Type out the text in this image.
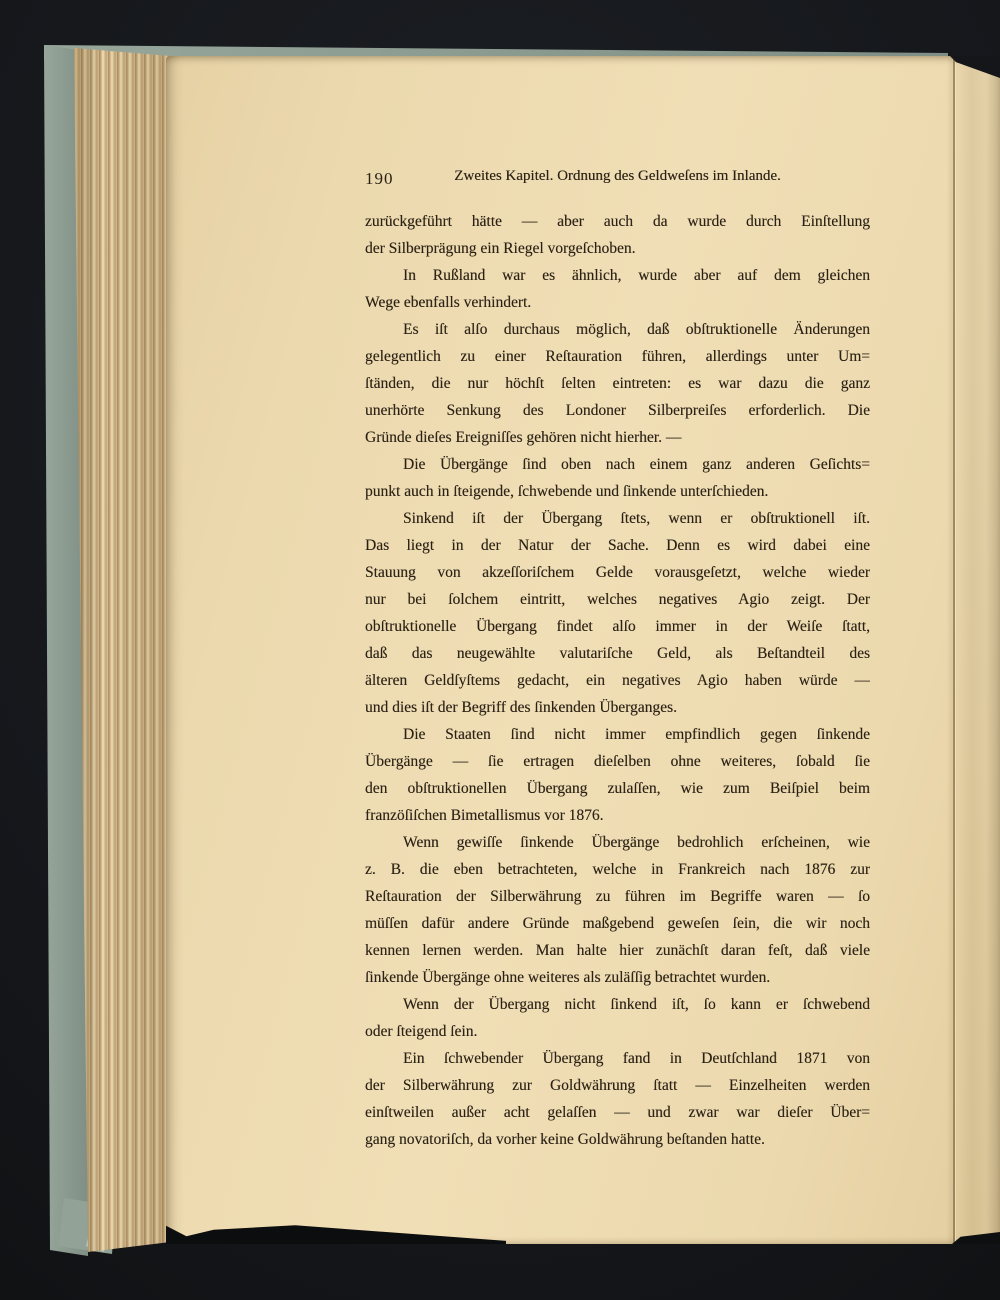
190	Zweites Kapitel. Ordnung des Geldweſens im Inlande.
zurückgeführt hätte — aber auch da wurde durch Einſtellung
der Silberprägung ein Riegel vorgeſchoben.
In Rußland war es ähnlich, wurde aber auf dem gleichen
Wege ebenfalls verhindert.
Es iſt alſo durchaus möglich, daß obſtruktionelle Änderungen
gelegentlich zu einer Reſtauration führen, allerdings unter Um=
ſtänden, die nur höchſt ſelten eintreten: es war dazu die ganz
unerhörte Senkung des Londoner Silberpreiſes erforderlich. Die
Gründe dieſes Ereigniſſes gehören nicht hierher. —
Die Übergänge ſind oben nach einem ganz anderen Geſichts=
punkt auch in ſteigende, ſchwebende und ſinkende unterſchieden.
Sinkend iſt der Übergang ſtets, wenn er obſtruktionell iſt.
Das liegt in der Natur der Sache. Denn es wird dabei eine
Stauung von akzeſſoriſchem Gelde vorausgeſetzt, welche wieder
nur bei ſolchem eintritt, welches negatives Agio zeigt. Der
obſtruktionelle Übergang findet alſo immer in der Weiſe ſtatt,
daß das neugewählte valutariſche Geld, als Beſtandteil des
älteren Geldſyſtems gedacht, ein negatives Agio haben würde —
und dies iſt der Begriff des ſinkenden Überganges.
Die Staaten ſind nicht immer empfindlich gegen ſinkende
Übergänge — ſie ertragen dieſelben ohne weiteres, ſobald ſie
den obſtruktionellen Übergang zulaſſen, wie zum Beiſpiel beim
franzöſiſchen Bimetallismus vor 1876.
Wenn gewiſſe ſinkende Übergänge bedrohlich erſcheinen, wie
z. B. die eben betrachteten, welche in Frankreich nach 1876 zur
Reſtauration der Silberwährung zu führen im Begriffe waren — ſo
müſſen dafür andere Gründe maßgebend geweſen ſein, die wir noch
kennen lernen werden. Man halte hier zunächſt daran feſt, daß viele
ſinkende Übergänge ohne weiteres als zuläſſig betrachtet wurden.
Wenn der Übergang nicht ſinkend iſt, ſo kann er ſchwebend
oder ſteigend ſein.
Ein ſchwebender Übergang fand in Deutſchland 1871 von
der Silberwährung zur Goldwährung ſtatt — Einzelheiten werden
einſtweilen außer acht gelaſſen — und zwar war dieſer Über=
gang novatoriſch, da vorher keine Goldwährung beſtanden hatte.
